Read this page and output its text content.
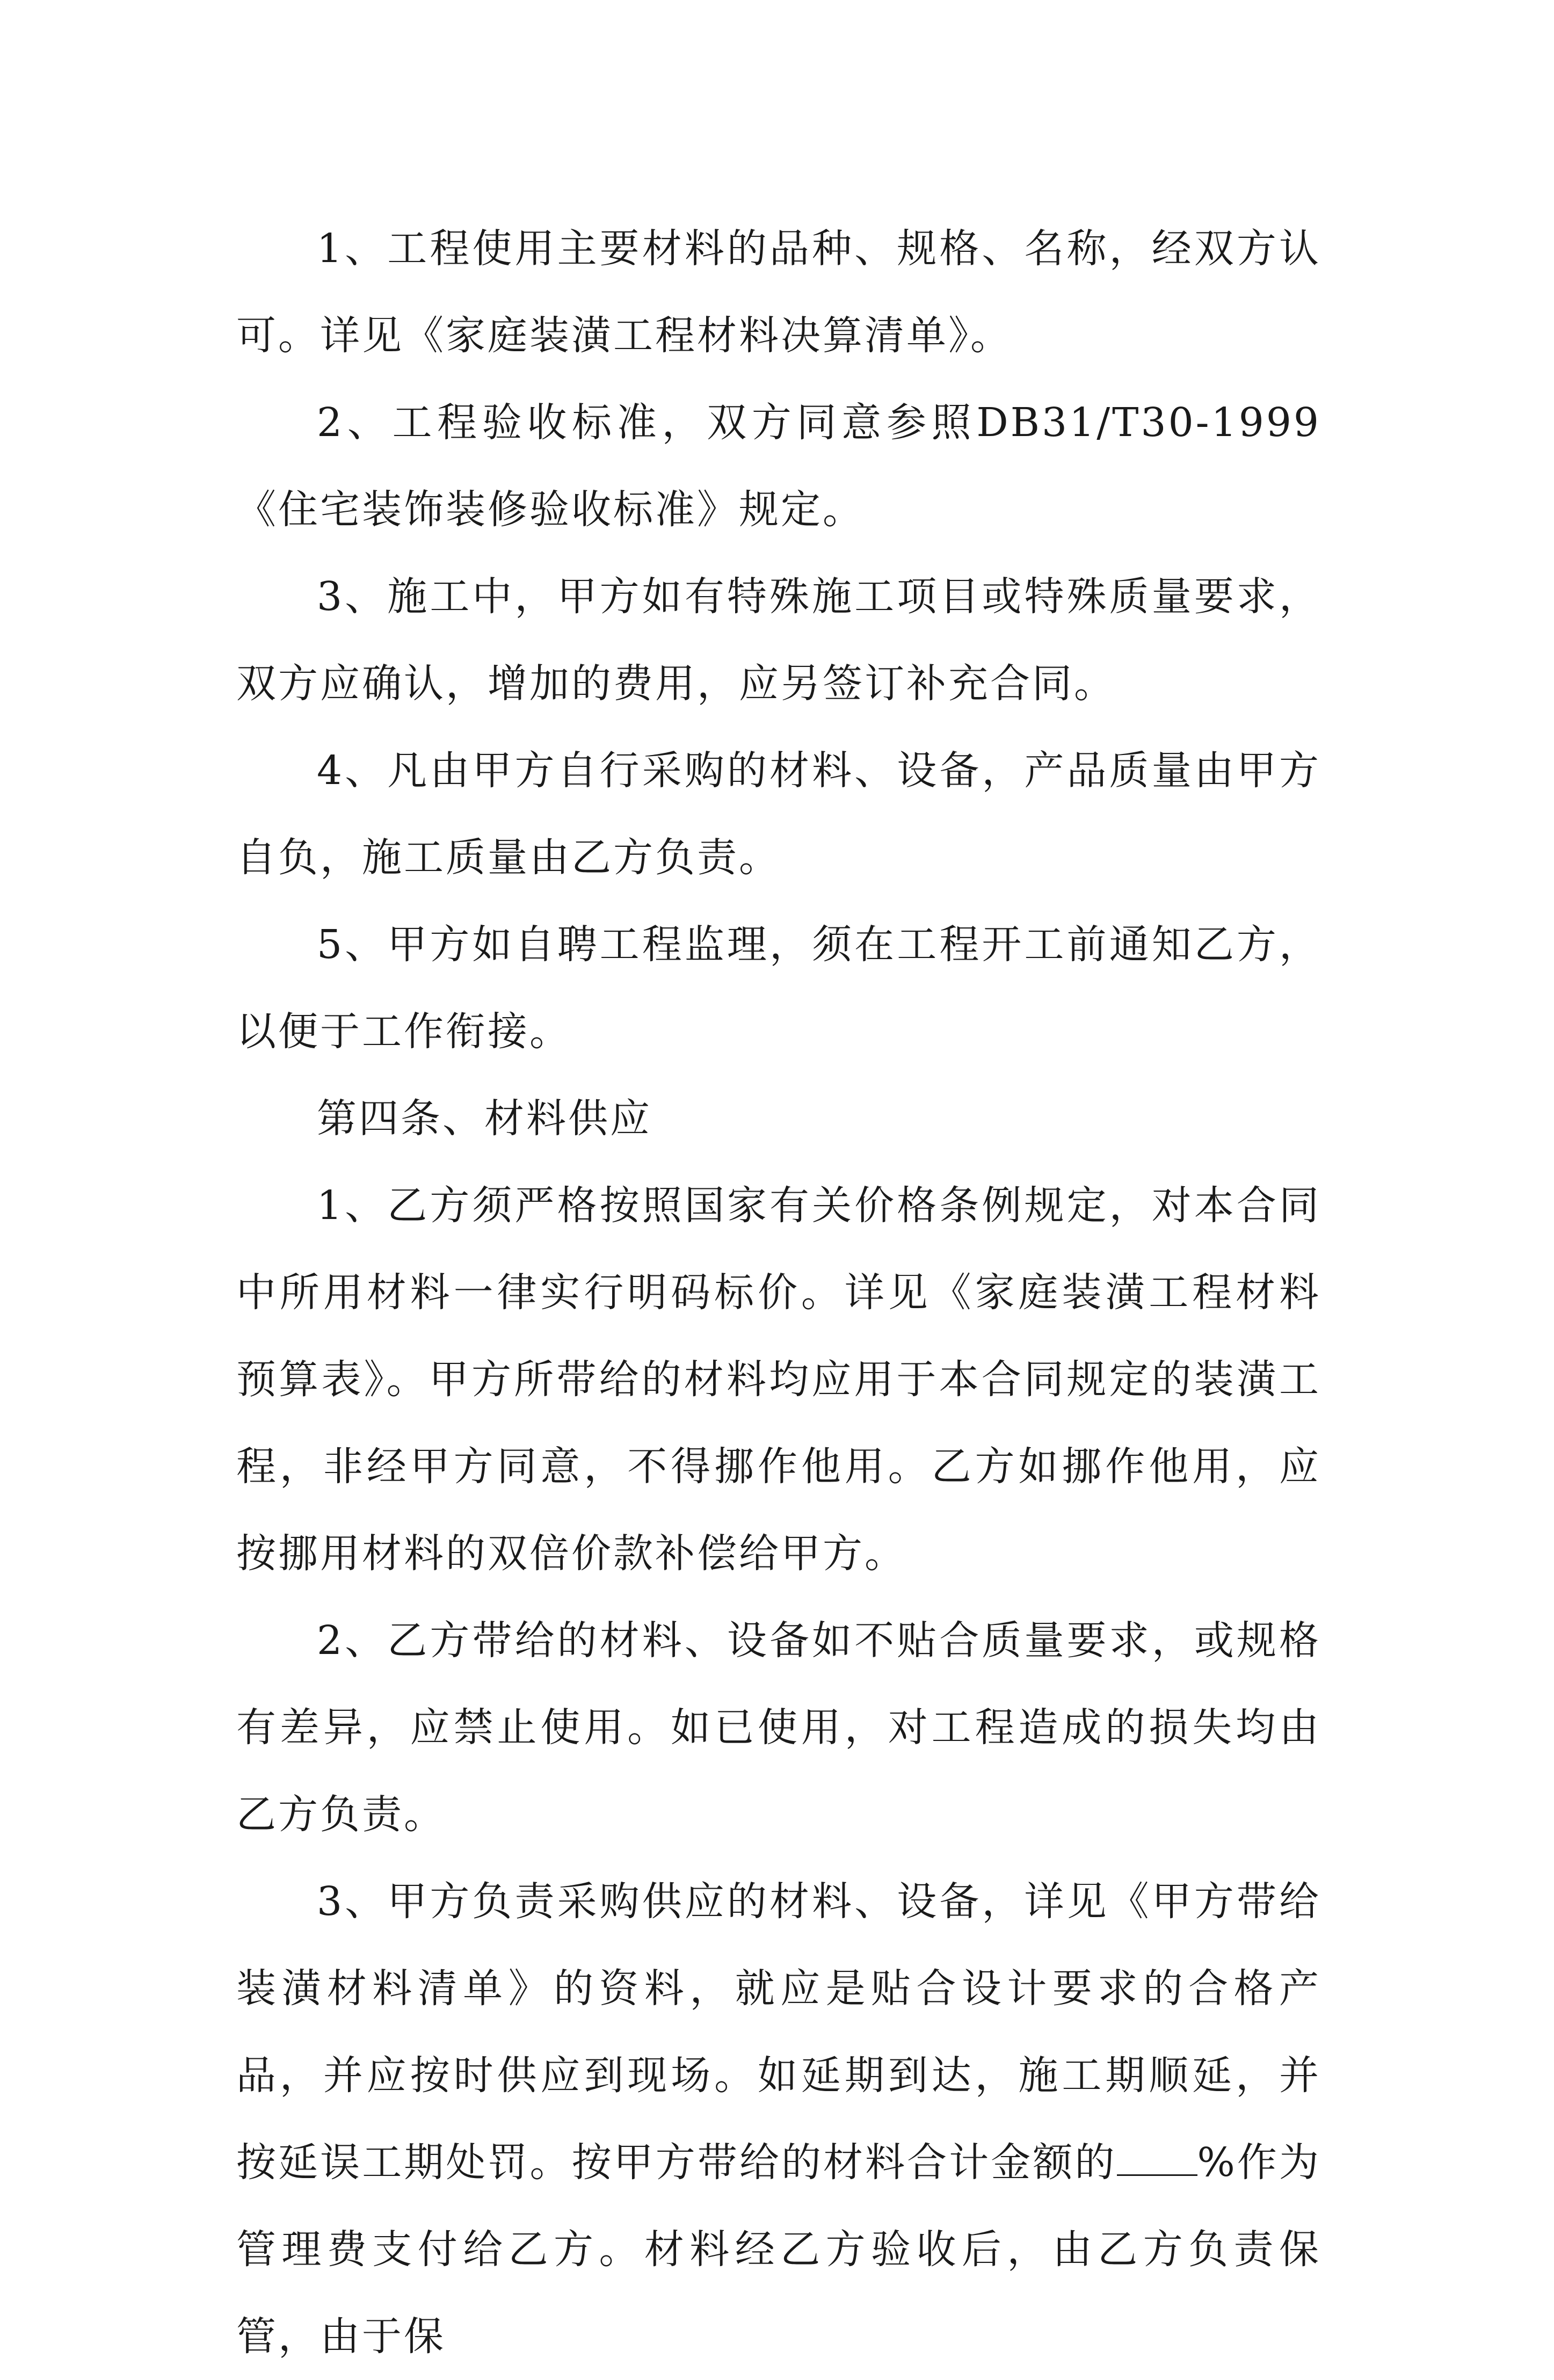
1、工程使用主要材料的品种、规格、名称，经双方认可。详见《家庭装潢工程材料决算清单》。

2、工程验收标准，双方同意参照DB31/T30-1999《住宅装饰装修验收标准》规定。

3、施工中，甲方如有特殊施工项目或特殊质量要求，双方应确认，增加的费用，应另签订补充合同。

4、凡由甲方自行采购的材料、设备，产品质量由甲方自负，施工质量由乙方负责。

5、甲方如自聘工程监理，须在工程开工前通知乙方，以便于工作衔接。

第四条、材料供应

1、乙方须严格按照国家有关价格条例规定，对本合同中所用材料一律实行明码标价。详见《家庭装潢工程材料预算表》。甲方所带给的材料均应用于本合同规定的装潢工程，非经甲方同意，不得挪作他用。乙方如挪作他用，应按挪用材料的双倍价款补偿给甲方。

2、乙方带给的材料、设备如不贴合质量要求，或规格有差异，应禁止使用。如已使用，对工程造成的损失均由乙方负责。

3、甲方负责采购供应的材料、设备，详见《甲方带给装潢材料清单》的资料，就应是贴合设计要求的合格产品，并应按时供应到现场。如延期到达，施工期顺延，并按延误工期处罚。按甲方带给的材料合计金额的 %作为管理费支付给乙方。材料经乙方验收后，由乙方负责保管，由于保
